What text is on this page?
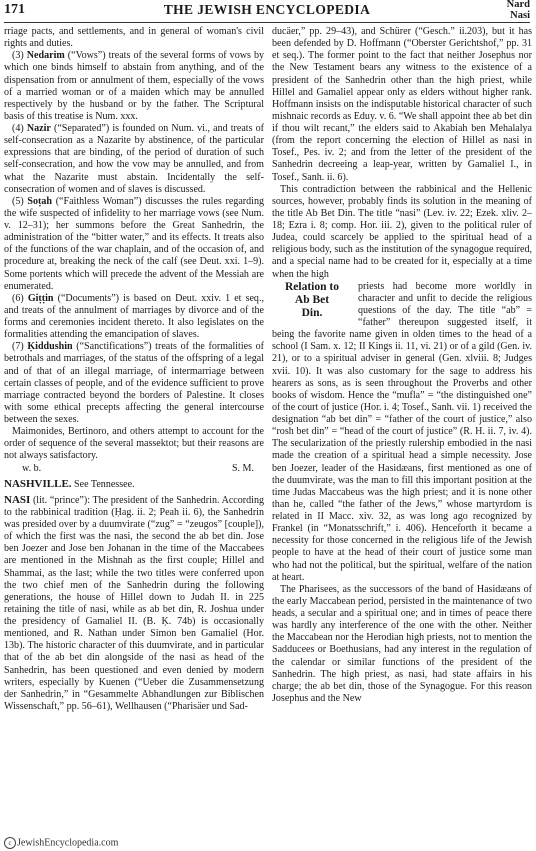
171	THE JEWISH ENCYCLOPEDIA	Nard
Nasi

rriage pacts, and settlements, and in general of woman's civil rights and duties.

(3) Nedarim (“Vows”) treats of the several forms of vows by which one binds himself to abstain from anything, and of the dispensation from or annulment of them, especially of the vows of a married woman or of a maiden which may be annulled respectively by the husband or by the father. The Scriptural basis of this treatise is Num. xxx.

(4) Nazir (“Separated”) is founded on Num. vi., and treats of self-consecration as a Nazarite by abstinence, of the particular expressions that are binding, of the period of duration of such self-consecration, and how the vow may be annulled, and from what the Nazarite must abstain. Incidentally the self-consecration of women and of slaves is discussed.

(5) Soṭah (“Faithless Woman”) discusses the rules regarding the wife suspected of infidelity to her marriage vows (see Num. v. 12–31); her summons before the Great Sanhedrin, the administration of the “bitter water,” and its effects. It treats also of the functions of the war chaplain, and of the occasion of, and procedure at, breaking the neck of the calf (see Deut. xxi. 1–9). Some portents which will precede the advent of the Messiah are enumerated.

(6) Giṭṭin (“Documents”) is based on Deut. xxiv. 1 et seq., and treats of the annulment of marriages by divorce and of the forms and ceremonies incident thereto. It also legislates on the formalities attending the emancipation of slaves.

(7) Ḳiddushin (“Sanctifications”) treats of the formalities of betrothals and marriages, of the status of the offspring of a legal and of that of an illegal marriage, of intermarriage between certain classes of people, and of the evidence sufficient to prove marriage contracted beyond the borders of Palestine. It closes with some ethical precepts affecting the general intercourse between the sexes.

Maimonides, Bertinoro, and others attempt to account for the order of sequence of the several massektot; but their reasons are not always satisfactory.

w. b.	S. M.

NASHVILLE. See Tennessee.

NASI (lit. “prince”): The president of the Sanhedrin. According to the rabbinical tradition (Ḥag. ii. 2; Peah ii. 6), the Sanhedrin was presided over by a duumvirate (“zug” = “zeugos” [couple]), of which the first was the nasi, the second the ab bet din. Jose ben Joezer and Jose ben Johanan in the time of the Maccabees are mentioned in the Mishnah as the first couple; Hillel and Shammai, as the last; while the two titles were conferred upon the two chief men of the Sanhedrin during the following generations, the house of Hillel down to Judah II. in 225 retaining the title of nasi, while as ab bet din, R. Joshua under the presidency of Gamaliel II. (B. Ḳ. 74b) is occasionally mentioned, and R. Nathan under Simon ben Gamaliel (Hor. 13b). The historic character of this duumvirate, and in particular that of the ab bet din alongside of the nasi as head of the Sanhedrin, has been questioned and even denied by modern writers, especially by Kuenen (“Ueber die Zusammensetzung der Sanhedrin,” in “Gesammelte Abhandlungen zur Biblischen Wissenschaft,” pp. 56–61), Wellhausen (“Pharisäer und Sad-

ducäer,” pp. 29–43), and Schürer (“Gesch.” ii.203), but it has been defended by D. Hoffmann (“Oberster Gerichtshof,” pp. 31 et seq.). The former point to the fact that neither Josephus nor the New Testament bears any witness to the existence of a president of the Sanhedrin other than the high priest, while Hillel and Gamaliel appear only as elders without higher rank. Hoffmann insists on the indisputable historical character of such mishnaic records as Eduy. v. 6. “We shall appoint thee ab bet din if thou wilt recant,” the elders said to Akabiah ben Mehalalya (from the report concerning the election of Hillel as nasi in Tosef., Pes. iv. 2; and from the letter of the president of the Sanhedrin decreeing a leap-year, written by Gamaliel I., in Tosef., Sanh. ii. 6).

This contradiction between the rabbinical and the Hellenic sources, however, probably finds its solution in the meaning of the title Ab Bet Din. The title “nasi” (Lev. iv. 22; Ezek. xliv. 2–18; Ezra i. 8; comp. Hor. iii. 2), given to the political ruler of Judea, could scarcely be applied to the spiritual head of a religious body, such as the institution of the synagogue required, and a special name had to be created for it, especially at a time when the high

Relation to
Ab Bet
Din.

priests had become more worldly in character and unfit to decide the religious questions of the day. The title “ab” = “father” thereupon suggested itself, it being the favorite name given in olden times to the head of a school (I Sam. x. 12; II Kings ii. 11, vi. 21) or of a gild (Gen. iv. 21), or to a spiritual adviser in general (Gen. xlviii. 8; Judges xvii. 10). It was also customary for the sage to address his hearers as sons, as is seen throughout the Proverbs and other books of wisdom. Hence the “mufla” = “the distinguished one” of the court of justice (Hor. i. 4; Tosef., Sanh. vii. 1) received the designation “ab bet din” = “father of the court of justice,” also “rosh bet din” = “head of the court of justice” (R. H. ii. 7, iv. 4). The secularization of the priestly rulership embodied in the nasi made the creation of a spiritual head a simple necessity. Jose ben Joezer, leader of the Hasidæans, first mentioned as one of the duumvirate, was the man to fill this important position at the time Judas Maccabeus was the high priest; and it is none other than he, called “the father of the Jews,” whose martyrdom is related in II Macc. xiv. 32, as was long ago recognized by Frankel (in “Monatsschrift,” i. 406). Henceforth it became a necessity for those concerned in the religious life of the Jewish people to have at the head of their court of justice some man who had not the political, but the spiritual, welfare of the nation at heart.

The Pharisees, as the successors of the band of Hasidæans of the early Maccabean period, persisted in the maintenance of two heads, a secular and a spiritual one; and in times of peace there was hardly any interference of the one with the other. Neither the Maccabean nor the Herodian high priests, not to mention the Sadducees or Boethusians, had any interest in the regulation of the calendar or similar functions of the president of the Sanhedrin. The high priest, as nasi, had state affairs in his charge; the ab bet din, those of the Synagogue. For this reason Josephus and the New

c JewishEncyclopedia.com
